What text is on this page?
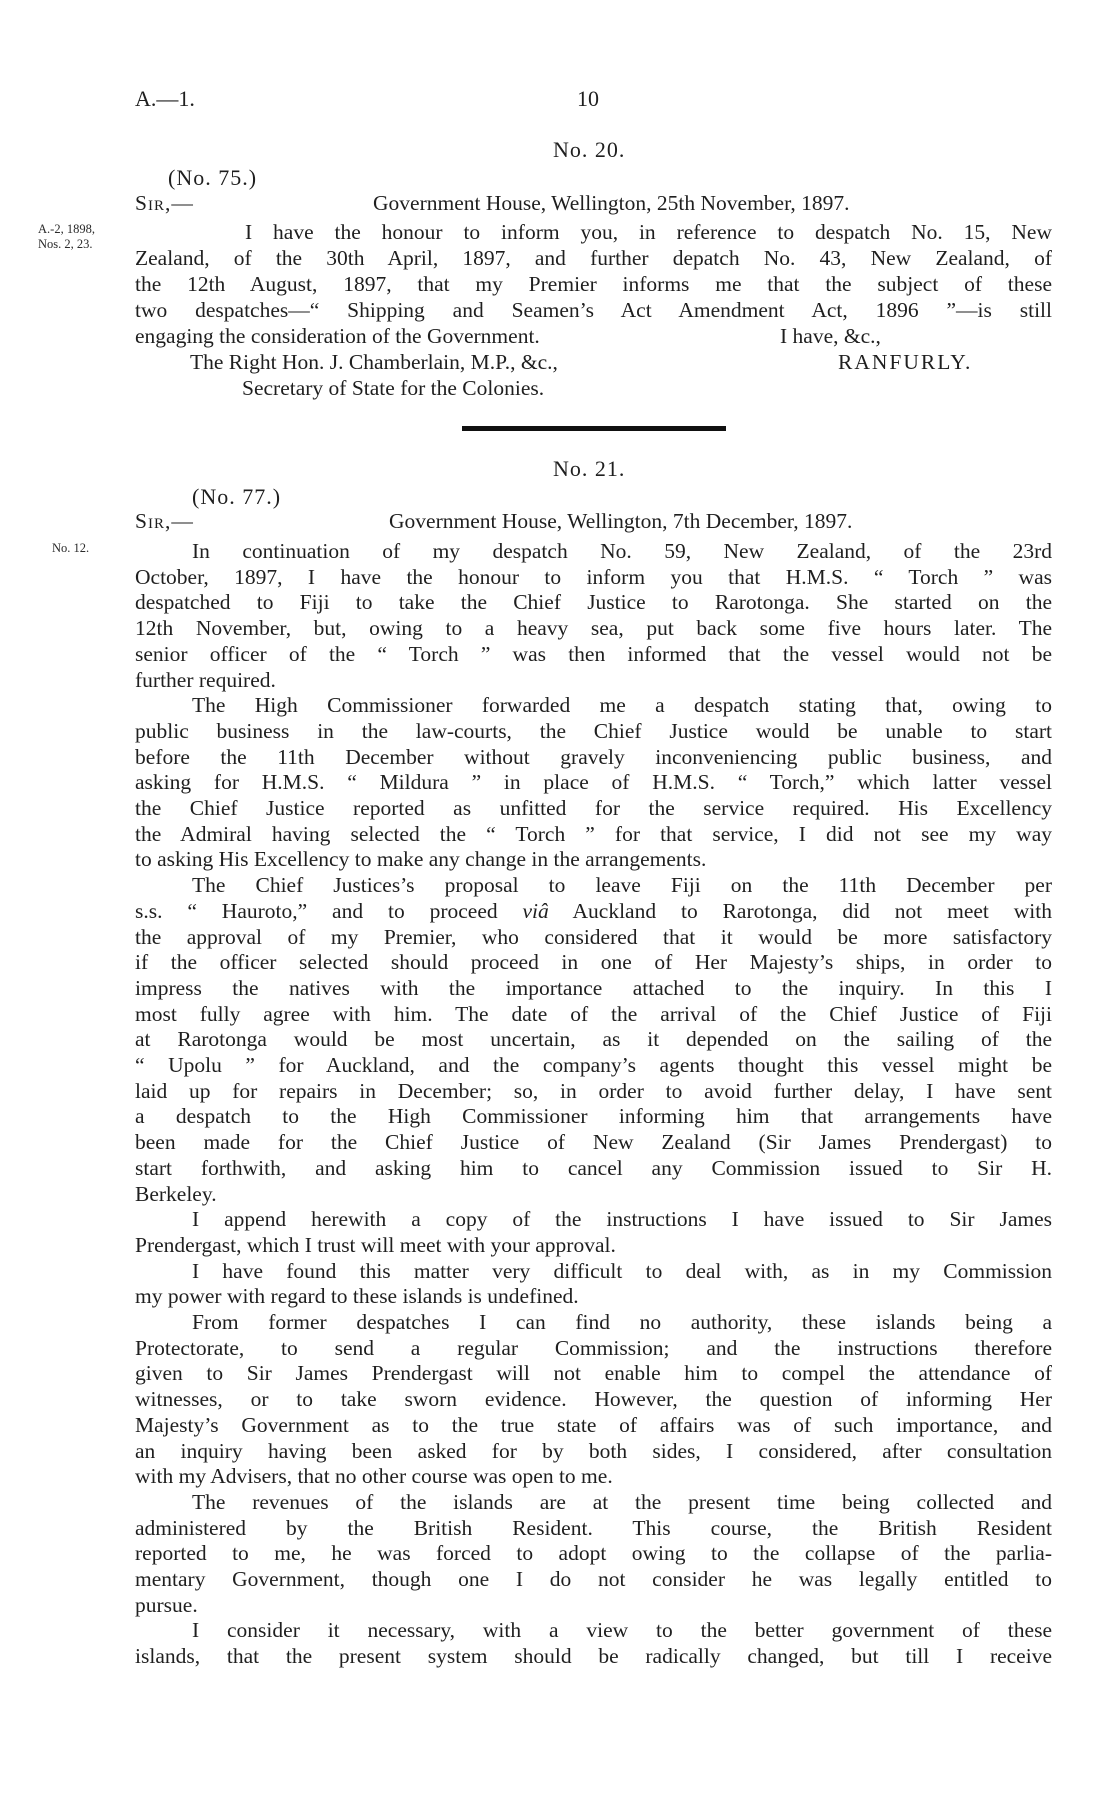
A.—1.	10
No. 20.
(No. 75.)
Sir,—	Government House, Wellington, 25th November, 1897.
A.-2, 1898,
Nos. 2, 23.	I have the honour to inform you, in reference to despatch No. 15, New
Zealand, of the 30th April, 1897, and further depatch No. 43, New Zealand, of
the 12th August, 1897, that my Premier informs me that the subject of these
two despatches—“ Shipping and Seamen’s Act Amendment Act, 1896 ”—is still
engaging the consideration of the Government.	I have, &c.,
The Right Hon. J. Chamberlain, M.P., &c.,	RANFURLY.
Secretary of State for the Colonies.
No. 21.
(No. 77.)
Sir,—	Government House, Wellington, 7th December, 1897.
No. 12.	In continuation of my despatch No. 59, New Zealand, of the 23rd
October, 1897, I have the honour to inform you that H.M.S. “ Torch ” was
despatched to Fiji to take the Chief Justice to Rarotonga. She started on the
12th November, but, owing to a heavy sea, put back some five hours later. The
senior officer of the “ Torch ” was then informed that the vessel would not be
further required.
The High Commissioner forwarded me a despatch stating that, owing to
public business in the law-courts, the Chief Justice would be unable to start
before the 11th December without gravely inconveniencing public business, and
asking for H.M.S. “ Mildura ” in place of H.M.S. “ Torch,” which latter vessel
the Chief Justice reported as unfitted for the service required. His Excellency
the Admiral having selected the “ Torch ” for that service, I did not see my way
to asking His Excellency to make any change in the arrangements.
The Chief Justices’s proposal to leave Fiji on the 11th December per
s.s. “ Hauroto,” and to proceed viâ Auckland to Rarotonga, did not meet with
the approval of my Premier, who considered that it would be more satisfactory
if the officer selected should proceed in one of Her Majesty’s ships, in order to
impress the natives with the importance attached to the inquiry. In this I
most fully agree with him. The date of the arrival of the Chief Justice of Fiji
at Rarotonga would be most uncertain, as it depended on the sailing of the
“ Upolu ” for Auckland, and the company’s agents thought this vessel might be
laid up for repairs in December; so, in order to avoid further delay, I have sent
a despatch to the High Commissioner informing him that arrangements have
been made for the Chief Justice of New Zealand (Sir James Prendergast) to
start forthwith, and asking him to cancel any Commission issued to Sir H.
Berkeley.
I append herewith a copy of the instructions I have issued to Sir James
Prendergast, which I trust will meet with your approval.
I have found this matter very difficult to deal with, as in my Commission
my power with regard to these islands is undefined.
From former despatches I can find no authority, these islands being a
Protectorate, to send a regular Commission; and the instructions therefore
given to Sir James Prendergast will not enable him to compel the attendance of
witnesses, or to take sworn evidence. However, the question of informing Her
Majesty’s Government as to the true state of affairs was of such importance, and
an inquiry having been asked for by both sides, I considered, after consultation
with my Advisers, that no other course was open to me.
The revenues of the islands are at the present time being collected and
administered by the British Resident. This course, the British Resident
reported to me, he was forced to adopt owing to the collapse of the parlia-
mentary Government, though one I do not consider he was legally entitled to
pursue.
I consider it necessary, with a view to the better government of these
islands, that the present system should be radically changed, but till I receive
